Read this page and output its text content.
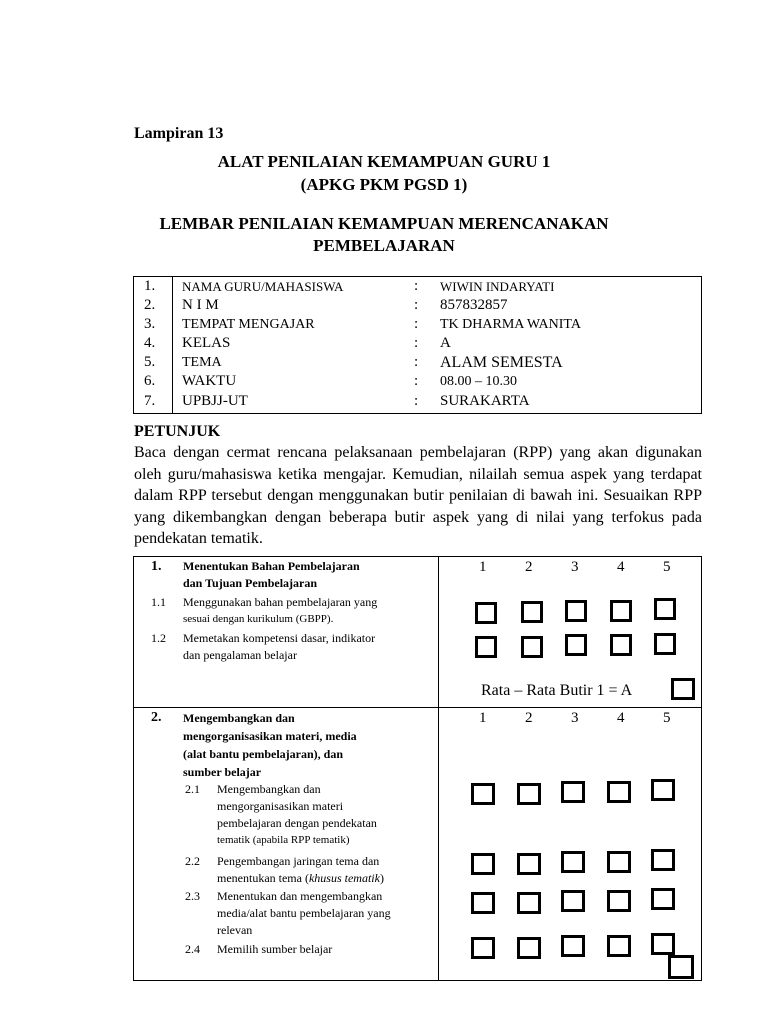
Lampiran 13
ALAT PENILAIAN KEMAMPUAN GURU 1
(APKG PKM PGSD 1)
LEMBAR PENILAIAN KEMAMPUAN MERENCANAKAN
PEMBELAJARAN
1.	NAMA GURU/MAHASISWA	: WIWIN INDARYATI
2.	N I M	: 857832857
3.	TEMPAT MENGAJAR	: TK DHARMA WANITA
4.	KELAS	: A
5.	TEMA	: ALAM SEMESTA
6.	WAKTU	: 08.00 – 10.30
7.	UPBJJ-UT	: SURAKARTA
PETUNJUK
Baca dengan cermat rencana pelaksanaan pembelajaran (RPP) yang akan digunakan oleh guru/mahasiswa ketika mengajar. Kemudian, nilailah semua aspek yang terdapat dalam RPP tersebut dengan menggunakan butir penilaian di bawah ini. Sesuaikan RPP yang dikembangkan dengan beberapa butir aspek yang di nilai yang terfokus pada pendekatan tematik.
1. Menentukan Bahan Pembelajaran
dan Tujuan Pembelajaran
1.1 Menggunakan bahan pembelajaran yang
sesuai dengan kurikulum (GBPP).
1.2 Memetakan kompetensi dasar, indikator
dan pengalaman belajar
1	2	3	4	5
Rata – Rata Butir 1 = A
2. Mengembangkan dan
mengorganisasikan materi, media
(alat bantu pembelajaran), dan
sumber belajar
2.1 Mengembangkan dan
mengorganisasikan materi
pembelajaran dengan pendekatan
tematik (apabila RPP tematik)
2.2 Pengembangan jaringan tema dan
menentukan tema (khusus tematik)
2.3 Menentukan dan mengembangkan
media/alat bantu pembelajaran yang
relevan
2.4 Memilih sumber belajar
1	2	3	4	5
